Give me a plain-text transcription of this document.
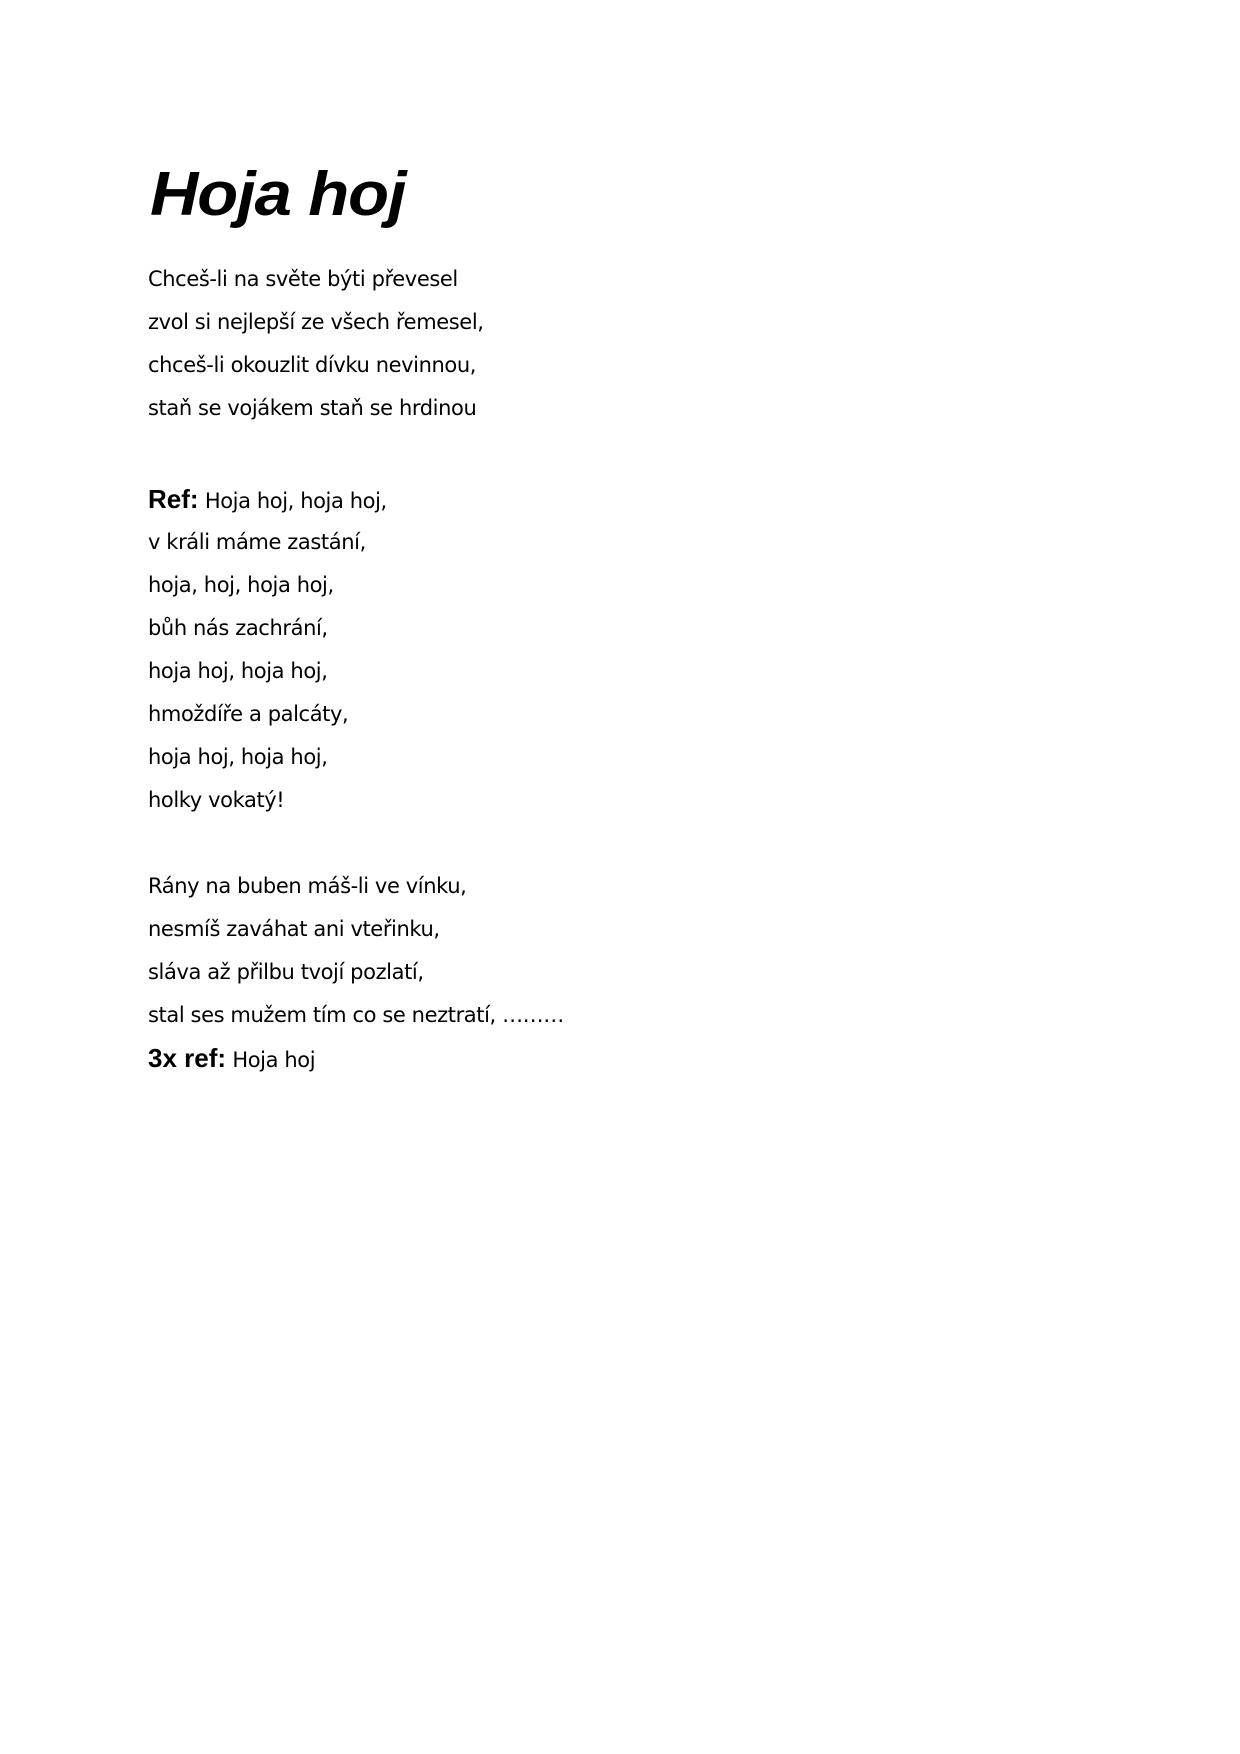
Hoja hoj
Chceš-li na světe býti převesel
zvol si nejlepší ze všech řemesel,
chceš-li okouzlit dívku nevinnou,
staň se vojákem staň se hrdinou
Ref: Hoja hoj, hoja hoj,
v králi máme zastání,
hoja, hoj, hoja hoj,
bůh nás zachrání,
hoja hoj, hoja hoj,
hmoždíře a palcáty,
hoja hoj, hoja hoj,
holky vokatý!
Rány na buben máš-li ve vínku,
nesmíš zaváhat ani vteřinku,
sláva až přilbu tvojí pozlatí,
stal ses mužem tím co se neztratí, ………
3x ref: Hoja hoj
